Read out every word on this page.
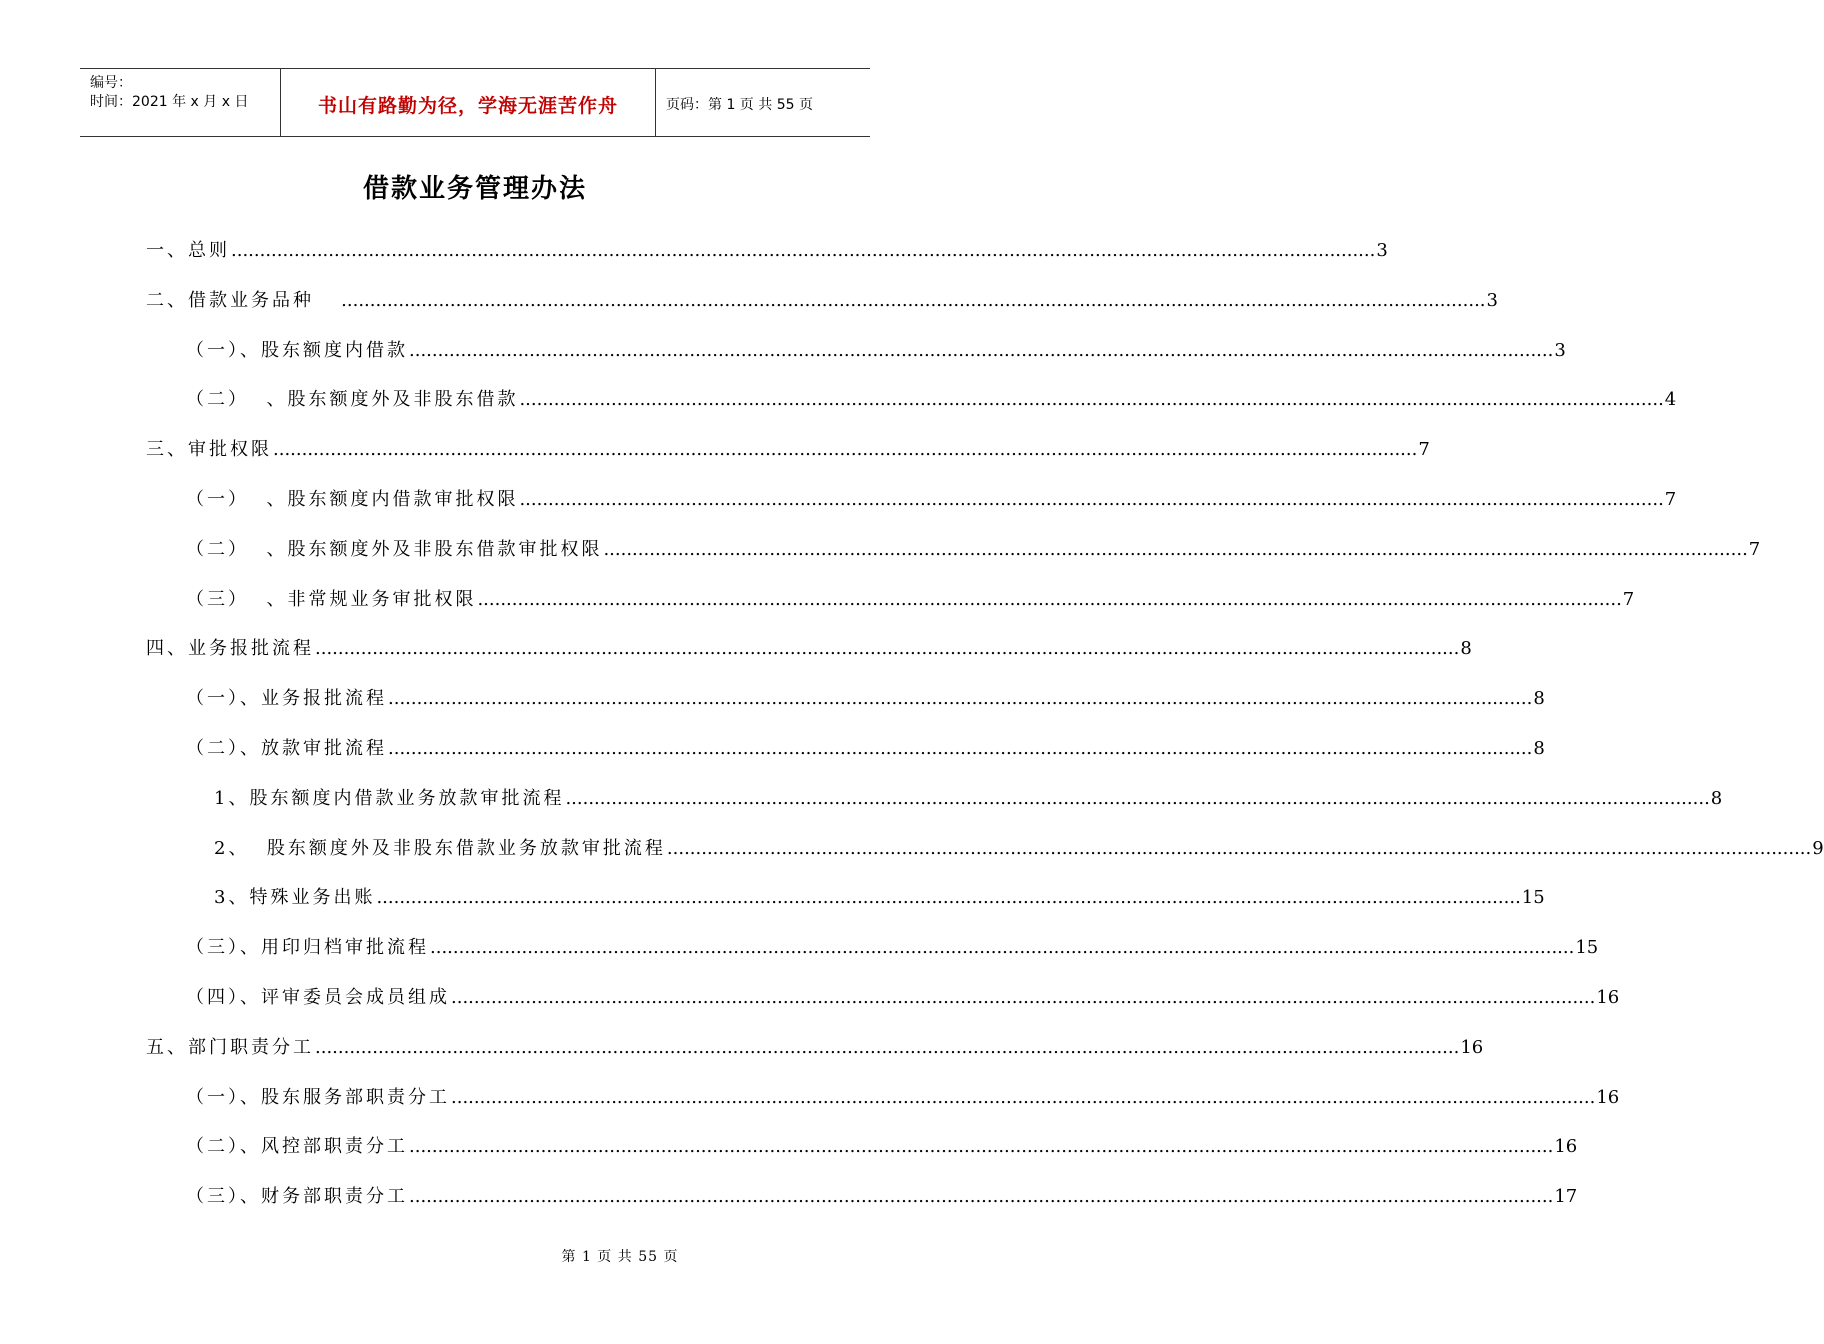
编号：
时间：2021 年 x 月 x 日	书山有路勤为径，学海无涯苦作舟	页码：第 1 页 共 55 页
借款业务管理办法
一、总则 ........................................................................................................................................................................................................ 3
二、借款业务品种 ........................................................................................................................................................................................................ 3
（一）、股东额度内借款 ........................................................................................................................................................................................................ 3
（二）  、股东额度外及非股东借款 ........................................................................................................................................................................................................ 4
三、审批权限 ........................................................................................................................................................................................................ 7
（一）  、股东额度内借款审批权限 ........................................................................................................................................................................................................ 7
（二）  、股东额度外及非股东借款审批权限 ........................................................................................................................................................................................................ 7
（三）  、非常规业务审批权限 ........................................................................................................................................................................................................ 7
四、业务报批流程 ........................................................................................................................................................................................................ 8
（一）、业务报批流程 ........................................................................................................................................................................................................ 8
（二）、放款审批流程 ........................................................................................................................................................................................................ 8
1、股东额度内借款业务放款审批流程 ........................................................................................................................................................................................................ 8
2、  股东额度外及非股东借款业务放款审批流程 ........................................................................................................................................................................................................ 9
3、特殊业务出账 ........................................................................................................................................................................................................ 15
（三）、用印归档审批流程 ........................................................................................................................................................................................................ 15
（四）、评审委员会成员组成 ........................................................................................................................................................................................................ 16
五、部门职责分工 ........................................................................................................................................................................................................ 16
（一）、股东服务部职责分工 ........................................................................................................................................................................................................ 16
（二）、风控部职责分工 ........................................................................................................................................................................................................ 16
（三）、财务部职责分工 ........................................................................................................................................................................................................ 17
第 1 页 共 55 页
